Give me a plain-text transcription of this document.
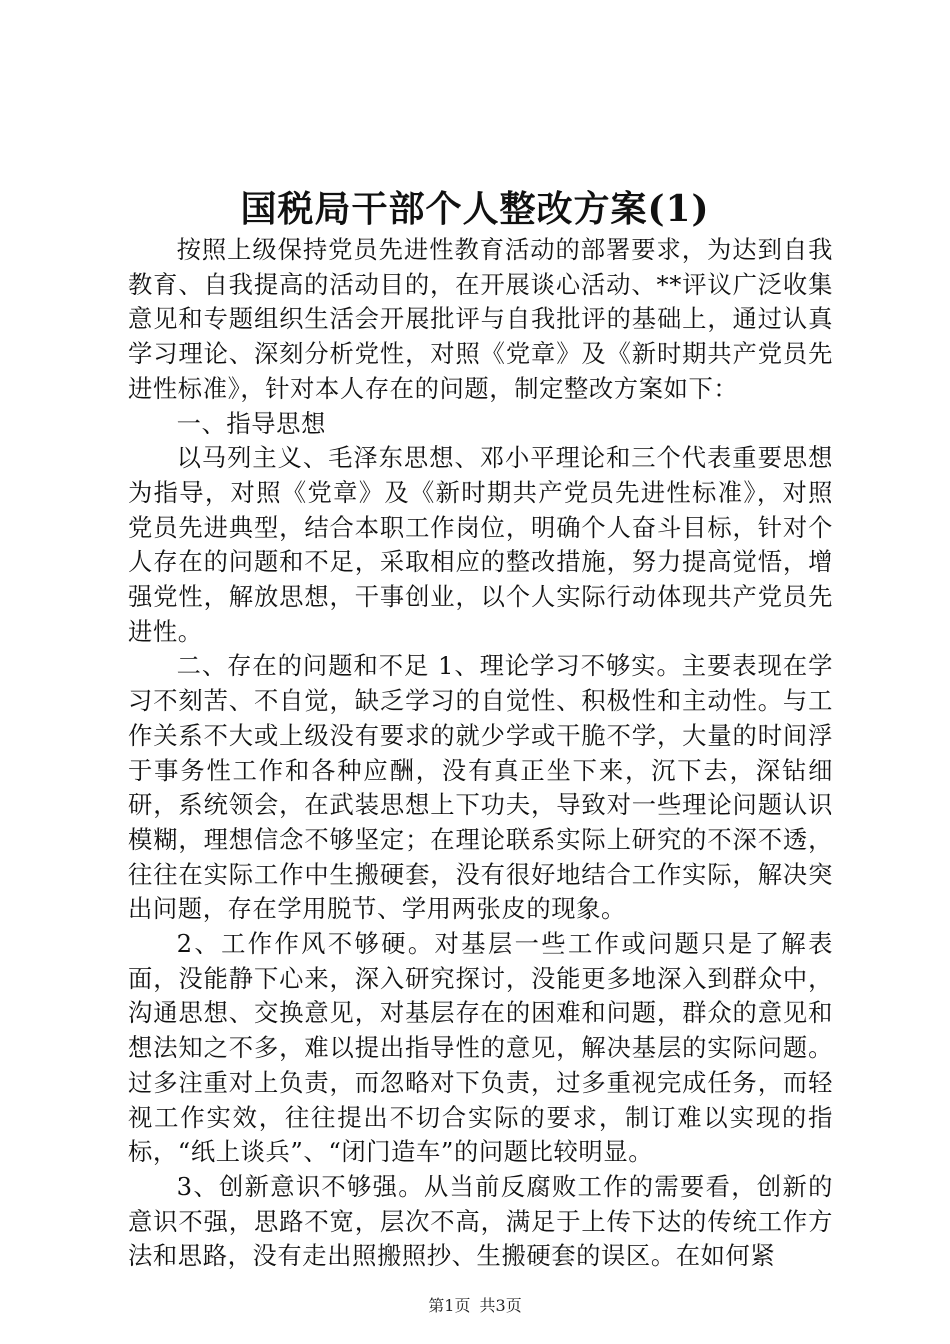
国税局干部个人整改方案(1)

按照上级保持党员先进性教育活动的部署要求，为达到自我教育、自我提高的活动目的，在开展谈心活动、**评议广泛收集意见和专题组织生活会开展批评与自我批评的基础上，通过认真学习理论、深刻分析党性，对照《党章》及《新时期共产党员先进性标准》，针对本人存在的问题，制定整改方案如下：

一、指导思想

以马列主义、毛泽东思想、邓小平理论和三个代表重要思想为指导，对照《党章》及《新时期共产党员先进性标准》，对照党员先进典型，结合本职工作岗位，明确个人奋斗目标，针对个人存在的问题和不足，采取相应的整改措施，努力提高觉悟，增强党性，解放思想，干事创业，以个人实际行动体现共产党员先进性。

二、存在的问题和不足 1、理论学习不够实。主要表现在学习不刻苦、不自觉，缺乏学习的自觉性、积极性和主动性。与工作关系不大或上级没有要求的就少学或干脆不学，大量的时间浮于事务性工作和各种应酬，没有真正坐下来，沉下去，深钻细研，系统领会，在武装思想上下功夫，导致对一些理论问题认识模糊，理想信念不够坚定；在理论联系实际上研究的不深不透，往往在实际工作中生搬硬套，没有很好地结合工作实际，解决突出问题，存在学用脱节、学用两张皮的现象。

2、工作作风不够硬。对基层一些工作或问题只是了解表面，没能静下心来，深入研究探讨，没能更多地深入到群众中，沟通思想、交换意见，对基层存在的困难和问题，群众的意见和想法知之不多，难以提出指导性的意见，解决基层的实际问题。过多注重对上负责，而忽略对下负责，过多重视完成任务，而轻视工作实效，往往提出不切合实际的要求，制订难以实现的指标，“纸上谈兵”、“闭门造车”的问题比较明显。

3、创新意识不够强。从当前反腐败工作的需要看，创新的意识不强，思路不宽，层次不高，满足于上传下达的传统工作方法和思路，没有走出照搬照抄、生搬硬套的误区。在如何紧

第1页 共3页
